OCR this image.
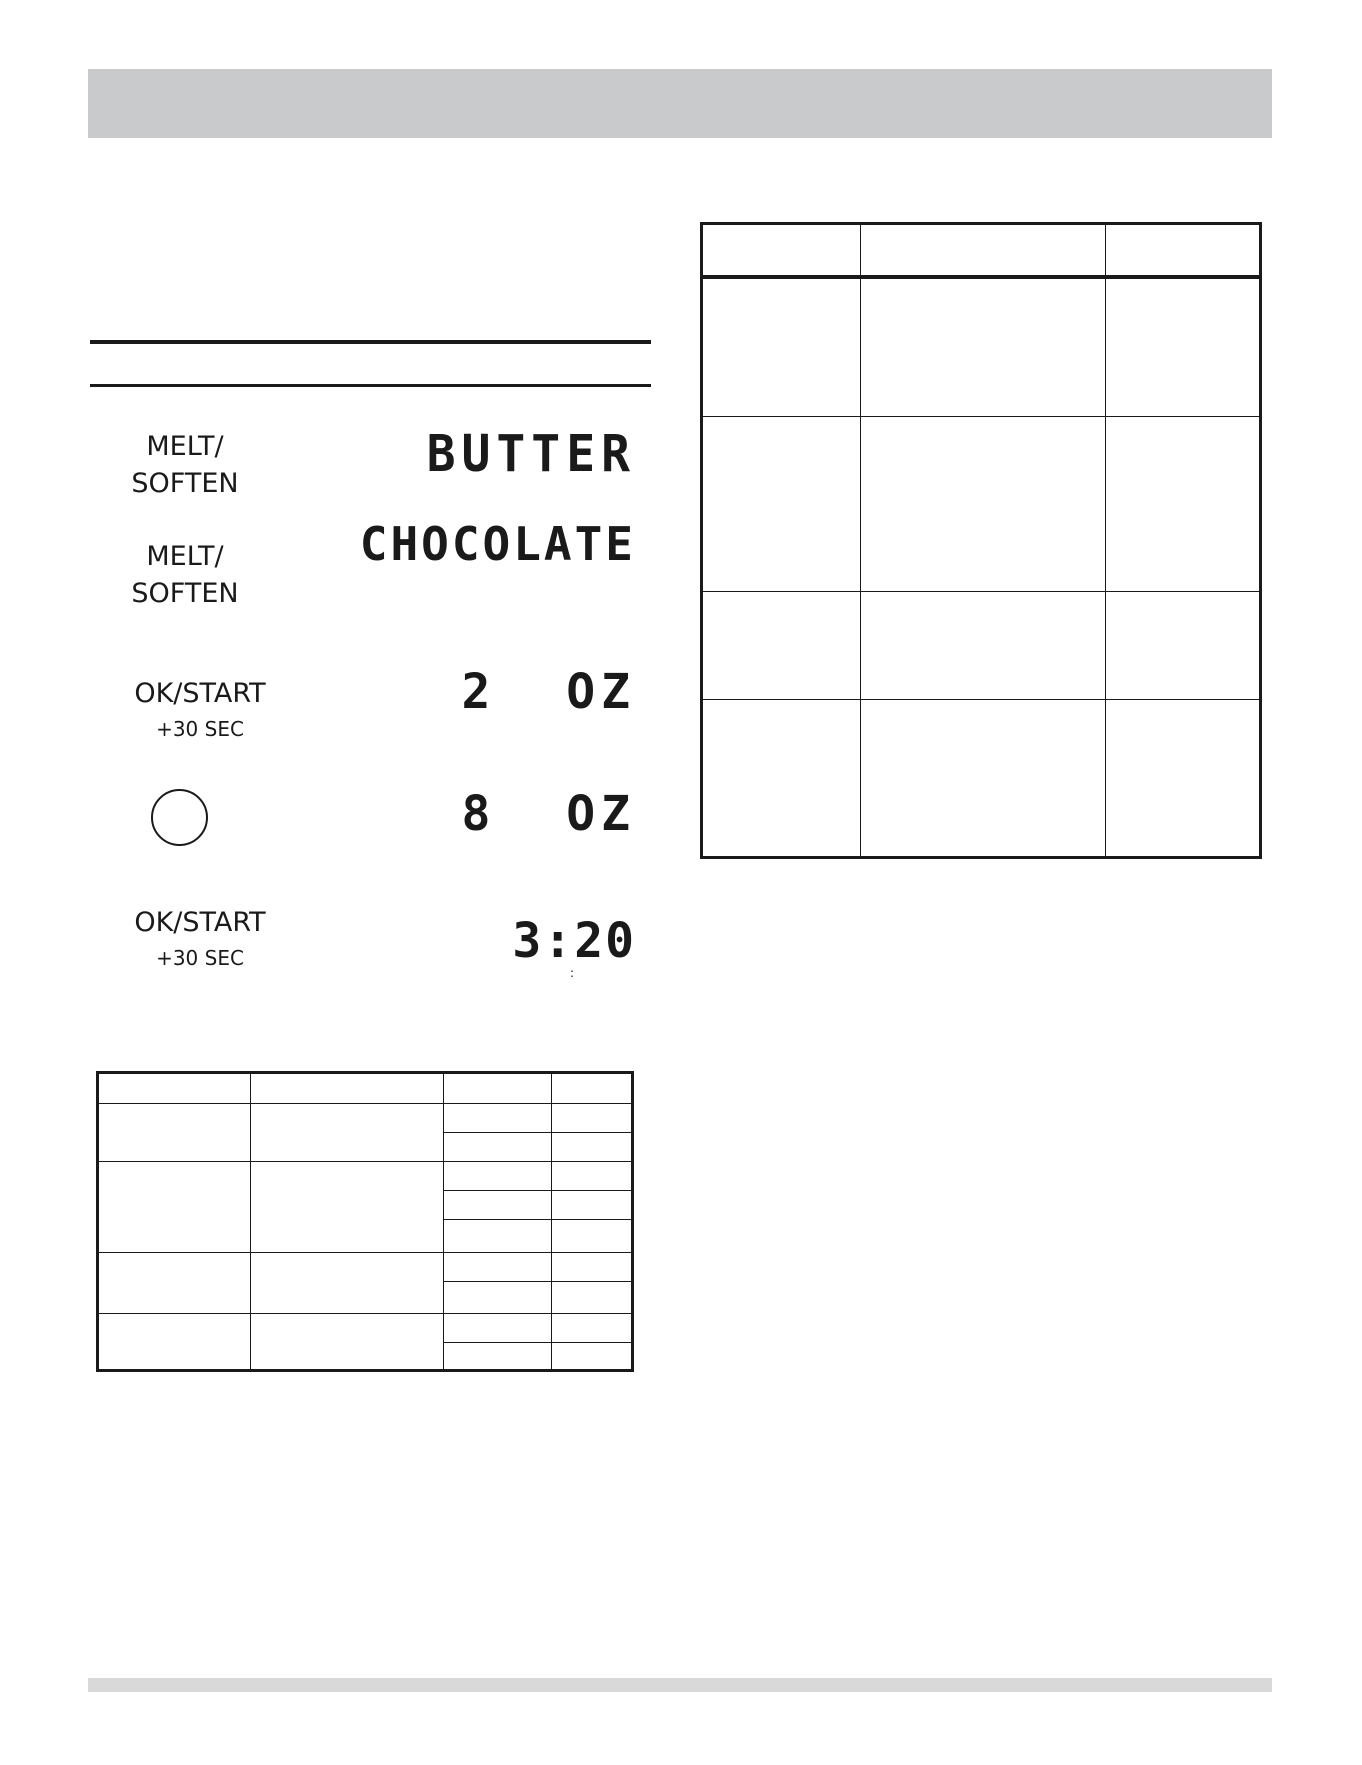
MELT/
SOFTEN
BUTTER
MELT/
SOFTEN
CHOCOLATE
OK/START
+30 SEC
2  OZ
8  OZ
OK/START
+30 SEC	3:20
:
